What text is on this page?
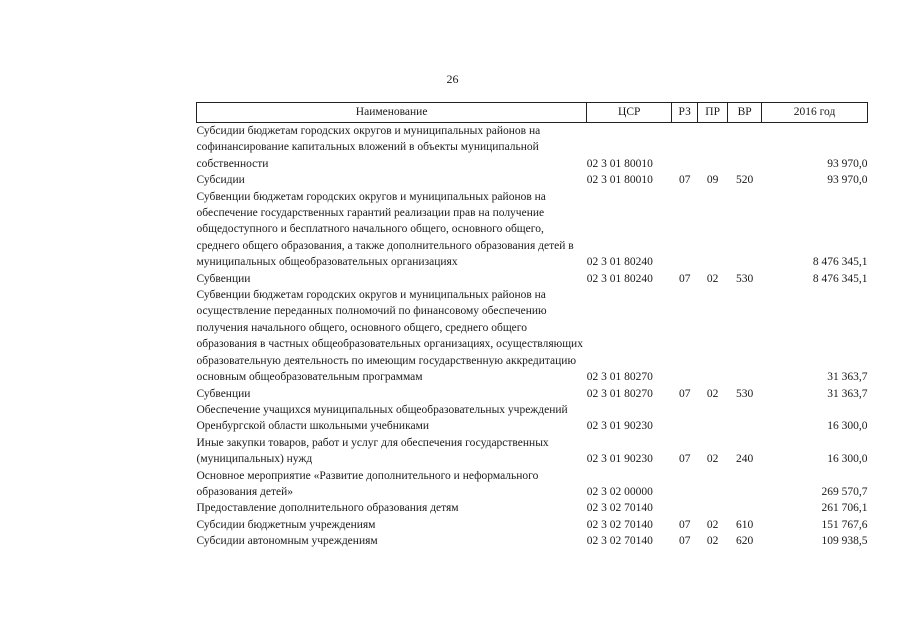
26
Наименование	ЦСР	РЗ	ПР	ВР	2016 год
Субсидии бюджетам городских округов и муниципальных районов на софинансирование капитальных вложений в объекты муниципальной собственности	02 3 01 80010				93 970,0
Субсидии	02 3 01 80010	07	09	520	93 970,0
Субвенции бюджетам городских округов и муниципальных районов на обеспечение государственных гарантий реализации прав на получение общедоступного и бесплатного начального общего, основного общего, среднего общего образования, а также дополнительного образования детей в муниципальных общеобразовательных организациях	02 3 01 80240				8 476 345,1
Субвенции	02 3 01 80240	07	02	530	8 476 345,1
Субвенции бюджетам городских округов и муниципальных районов на осуществление переданных полномочий по финансовому обеспечению получения начального общего, основного общего, среднего общего образования в частных общеобразовательных организациях, осуществляющих образовательную деятельность по имеющим государственную аккредитацию основным общеобразовательным программам	02 3 01 80270				31 363,7
Субвенции	02 3 01 80270	07	02	530	31 363,7
Обеспечение учащихся муниципальных общеобразовательных учреждений Оренбургской области школьными учебниками	02 3 01 90230				16 300,0
Иные закупки товаров, работ и услуг для обеспечения государственных (муниципальных) нужд	02 3 01 90230	07	02	240	16 300,0
Основное мероприятие «Развитие дополнительного и неформального образования детей»	02 3 02 00000				269 570,7
Предоставление дополнительного образования детям	02 3 02 70140				261 706,1
Субсидии бюджетным учреждениям	02 3 02 70140	07	02	610	151 767,6
Субсидии автономным учреждениям	02 3 02 70140	07	02	620	109 938,5
